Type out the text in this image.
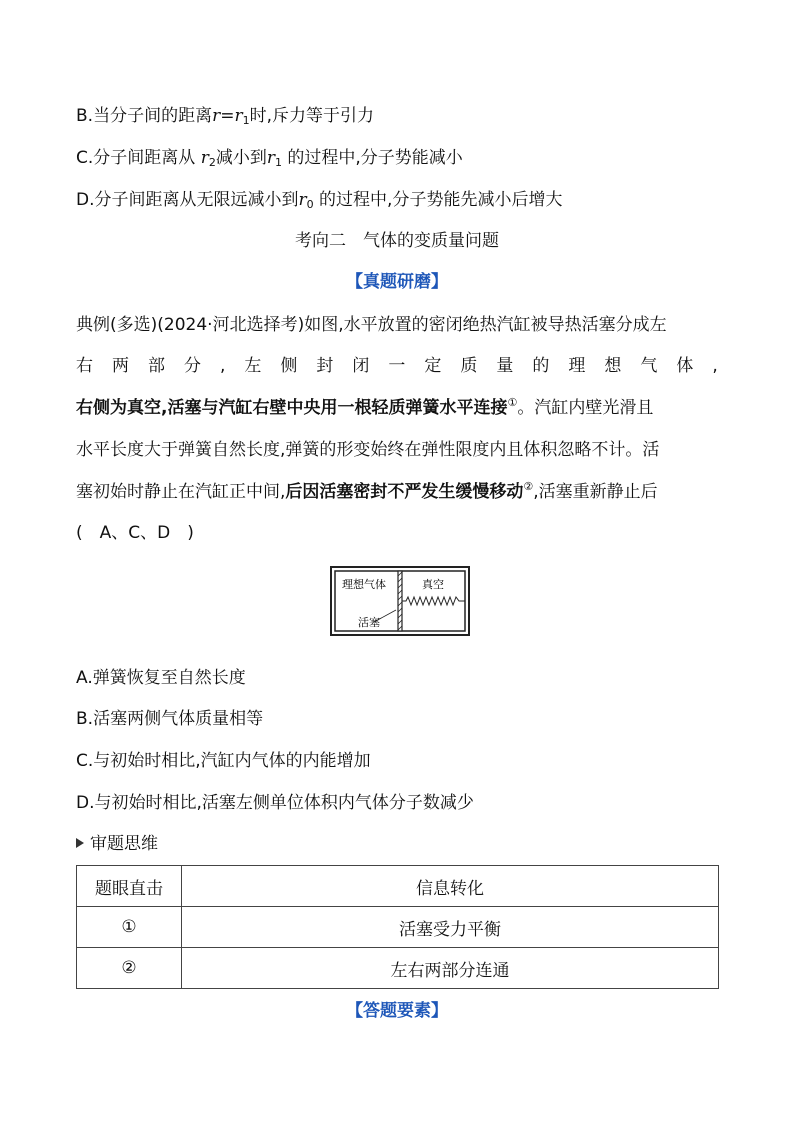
B.当分子间的距离$r=r_1$时,斥力等于引力
C.分子间距离从 $r_2$减小到$r_1$ 的过程中,分子势能减小
D.分子间距离从无限远减小到$r_0$ 的过程中,分子势能先减小后增大
考向二　气体的变质量问题
【真题研磨】
典例(多选)(2024·河北选择考)如图,水平放置的密闭绝热汽缸被导热活塞分成左
右 两 部 分 , 左 侧 封 闭 一 定 质 量 的 理 想 气 体 ,
右侧为真空,活塞与汽缸右壁中央用一根轻质弹簧水平连接①。汽缸内壁光滑且
水平长度大于弹簧自然长度,弹簧的形变始终在弹性限度内且体积忽略不计。活
塞初始时静止在汽缸正中间,后因活塞密封不严发生缓慢移动②,活塞重新静止后
(　A、C、D　)
理想气体	真空
活塞
A.弹簧恢复至自然长度
B.活塞两侧气体质量相等
C.与初始时相比,汽缸内气体的内能增加
D.与初始时相比,活塞左侧单位体积内气体分子数减少
审题思维
题眼直击	信息转化
①	活塞受力平衡
②	左右两部分连通
【答题要素】
